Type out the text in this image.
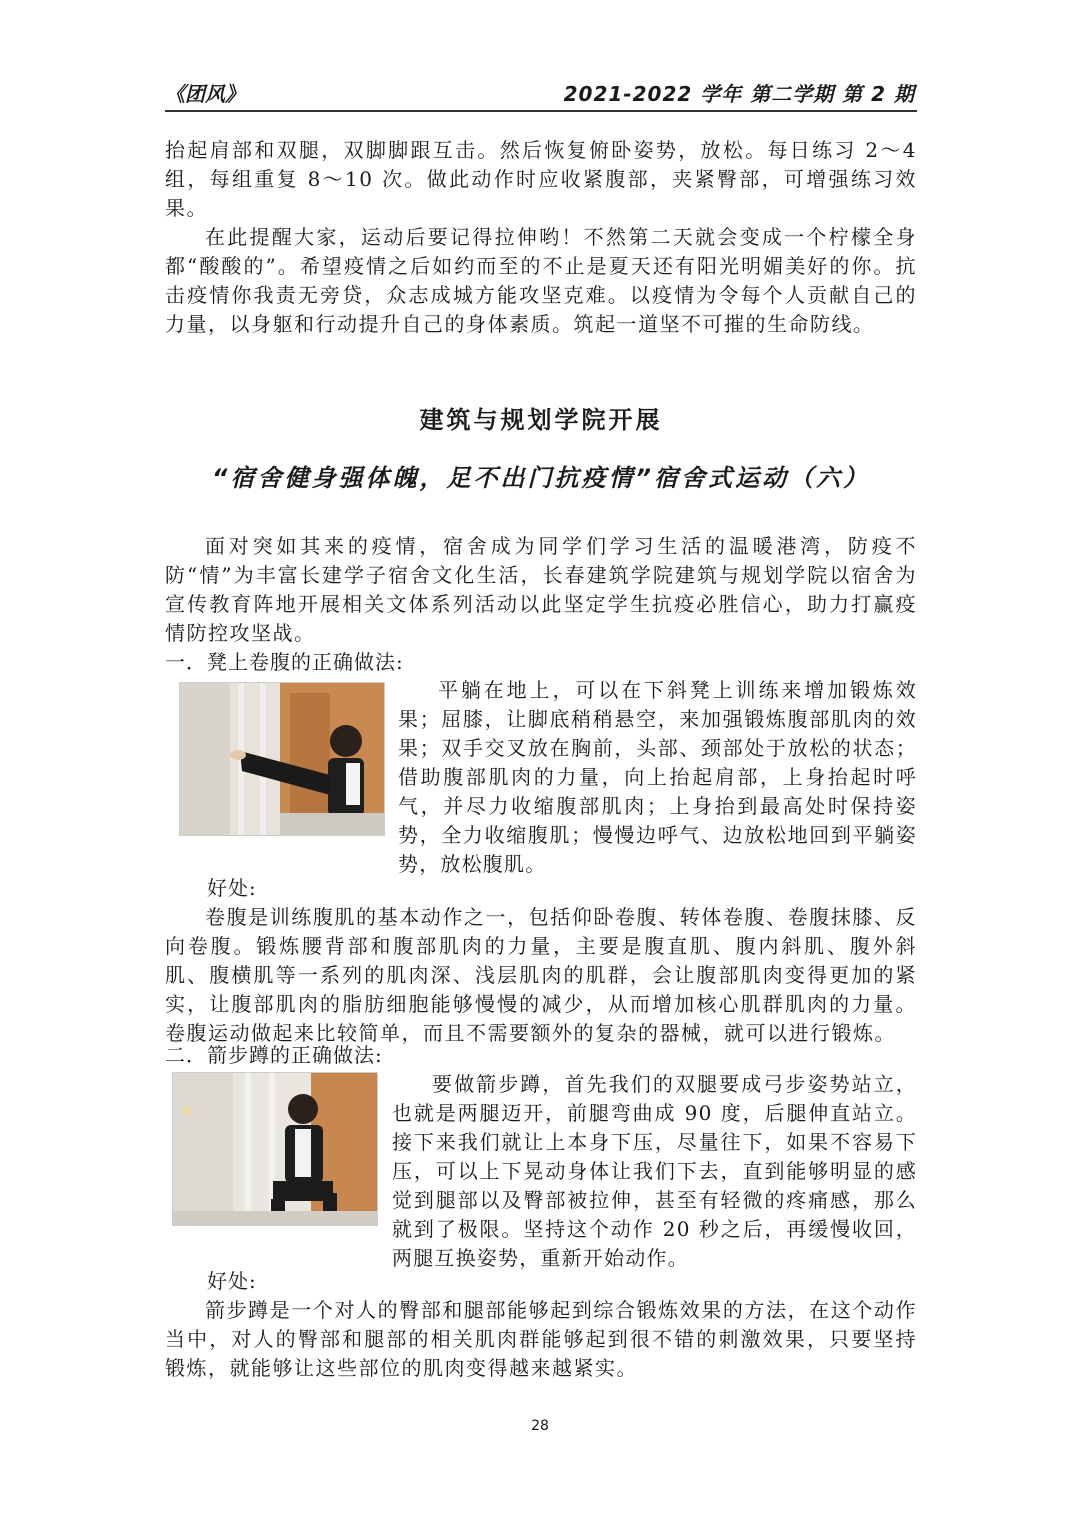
《团风》	2021-2022 学年 第二学期 第 2 期
抬起肩部和双腿，双脚脚跟互击。然后恢复俯卧姿势，放松。每日练习 2～4 组，每组重复 8～10 次。做此动作时应收紧腹部，夹紧臀部，可增强练习效果。
在此提醒大家，运动后要记得拉伸哟！不然第二天就会变成一个柠檬全身都“酸酸的”。希望疫情之后如约而至的不止是夏天还有阳光明媚美好的你。抗击疫情你我责无旁贷，众志成城方能攻坚克难。以疫情为令每个人贡献自己的力量，以身躯和行动提升自己的身体素质。筑起一道坚不可摧的生命防线。
建筑与规划学院开展
“宿舍健身强体魄，足不出门抗疫情”宿舍式运动（六）
面对突如其来的疫情，宿舍成为同学们学习生活的温暖港湾，防疫不防“情”为丰富长建学子宿舍文化生活，长春建筑学院建筑与规划学院以宿舍为宣传教育阵地开展相关文体系列活动以此坚定学生抗疫必胜信心，助力打赢疫情防控攻坚战。
一．凳上卷腹的正确做法:
平躺在地上，可以在下斜凳上训练来增加锻炼效果；屈膝，让脚底稍稍悬空，来加强锻炼腹部肌肉的效果；双手交叉放在胸前，头部、颈部处于放松的状态；借助腹部肌肉的力量，向上抬起肩部，上身抬起时呼气，并尽力收缩腹部肌肉；上身抬到最高处时保持姿势，全力收缩腹肌；慢慢边呼气、边放松地回到平躺姿势，放松腹肌。
好处:
卷腹是训练腹肌的基本动作之一，包括仰卧卷腹、转体卷腹、卷腹抹膝、反向卷腹。锻炼腰背部和腹部肌肉的力量，主要是腹直肌、腹内斜肌、腹外斜肌、腹横肌等一系列的肌肉深、浅层肌肉的肌群，会让腹部肌肉变得更加的紧实，让腹部肌肉的脂肪细胞能够慢慢的减少，从而增加核心肌群肌肉的力量。卷腹运动做起来比较简单，而且不需要额外的复杂的器械，就可以进行锻炼。
二．箭步蹲的正确做法:
要做箭步蹲，首先我们的双腿要成弓步姿势站立，也就是两腿迈开，前腿弯曲成 90 度，后腿伸直站立。接下来我们就让上本身下压，尽量往下，如果不容易下压，可以上下晃动身体让我们下去，直到能够明显的感觉到腿部以及臀部被拉伸，甚至有轻微的疼痛感，那么就到了极限。坚持这个动作 20 秒之后，再缓慢收回，两腿互换姿势，重新开始动作。
好处:
箭步蹲是一个对人的臀部和腿部能够起到综合锻炼效果的方法，在这个动作当中，对人的臀部和腿部的相关肌肉群能够起到很不错的刺激效果，只要坚持锻炼，就能够让这些部位的肌肉变得越来越紧实。
28
